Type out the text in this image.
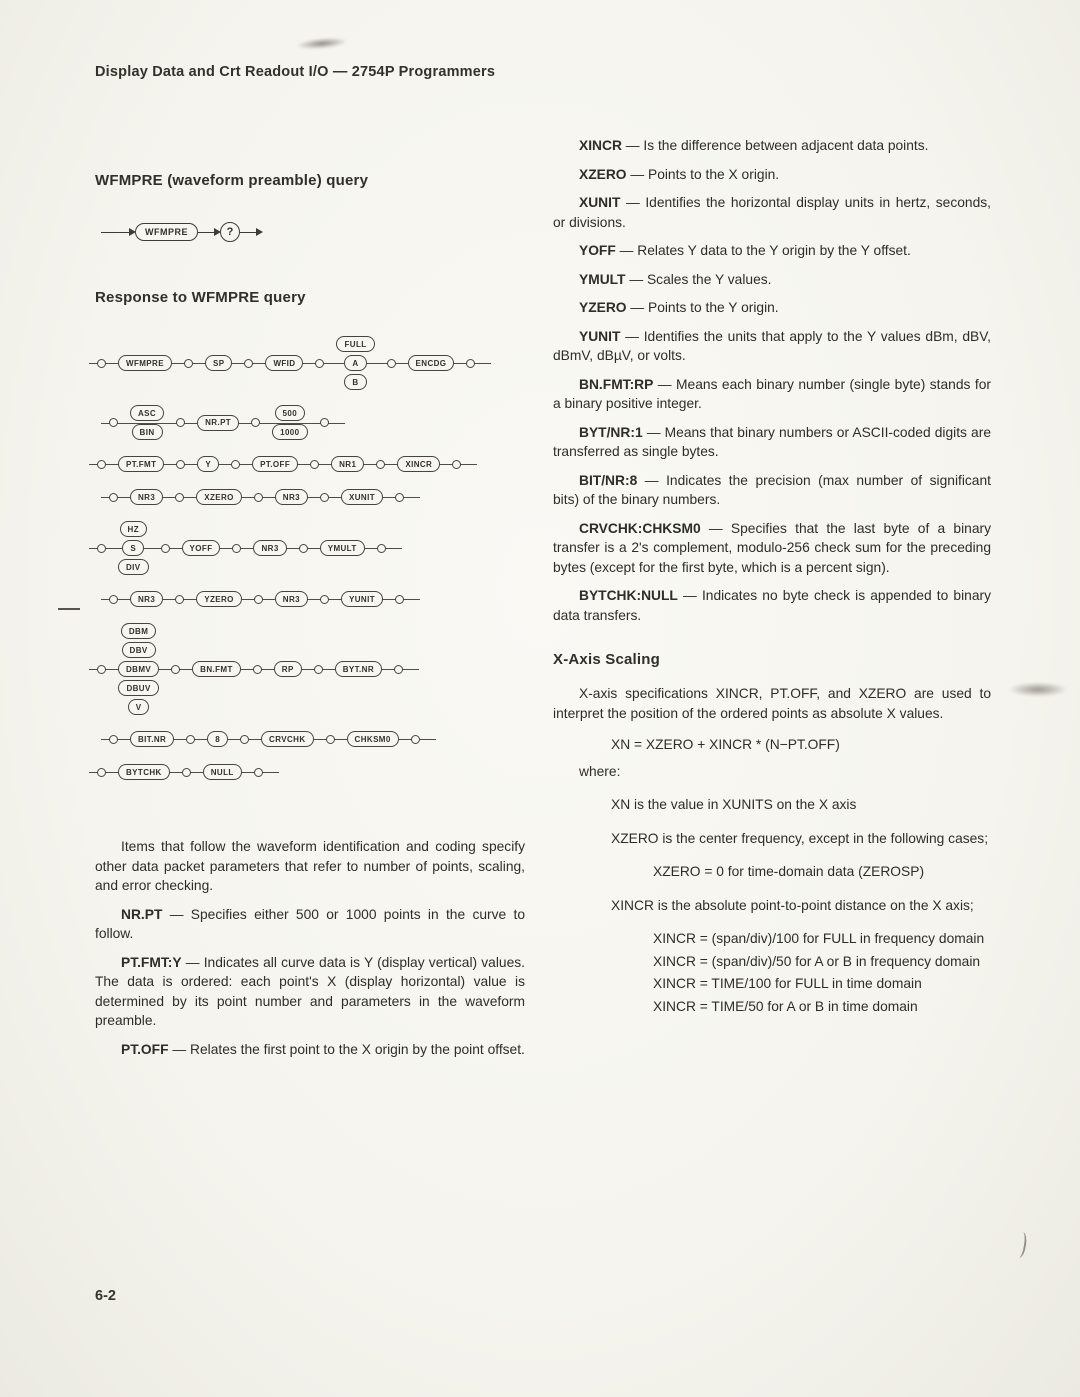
Display Data and Crt Readout I/O — 2754P Programmers
WFMPRE (waveform preamble) query
WFMPRE	?
Response to WFMPRE query
WFMPRE	SP	WFID
FULL
A
B
ENCDG
ASC
BIN
NR.PT
500
1000
PT.FMT	Y	PT.OFF	NR1	XINCR
NR3	XZERO	NR3	XUNIT
HZ
S
DIV
YOFF	NR3	YMULT
NR3	YZERO	NR3	YUNIT
DBM
DBV
DBMV
DBUV
V
BN.FMT	RP	BYT.NR
BIT.NR	8	CRVCHK	CHKSM0
BYTCHK	NULL

Items that follow the waveform identification and coding specify other data packet parameters that refer to number of points, scaling, and error checking.

NR.PT — Specifies either 500 or 1000 points in the curve to follow.

PT.FMT:Y — Indicates all curve data is Y (display vertical) values. The data is ordered: each point's X (display horizontal) value is determined by its point number and parameters in the waveform preamble.

PT.OFF — Relates the first point to the X origin by the point offset.

XINCR — Is the difference between adjacent data points.

XZERO — Points to the X origin.

XUNIT — Identifies the horizontal display units in hertz, seconds, or divisions.

YOFF — Relates Y data to the Y origin by the Y offset.

YMULT — Scales the Y values.

YZERO — Points to the Y origin.

YUNIT — Identifies the units that apply to the Y values dBm, dBV, dBmV, dBµV, or volts.

BN.FMT:RP — Means each binary number (single byte) stands for a binary positive integer.

BYT/NR:1 — Means that binary numbers or ASCII-coded digits are transferred as single bytes.

BIT/NR:8 — Indicates the precision (max number of significant bits) of the binary numbers.

CRVCHK:CHKSM0 — Specifies that the last byte of a binary transfer is a 2's complement, modulo-256 check sum for the preceding bytes (except for the first byte, which is a percent sign).

BYTCHK:NULL — Indicates no byte check is appended to binary data transfers.

X-Axis Scaling

X-axis specifications XINCR, PT.OFF, and XZERO are used to interpret the position of the ordered points as absolute X values.

XN = XZERO + XINCR * (N−PT.OFF)

where:

XN is the value in XUNITS on the X axis

XZERO is the center frequency, except in the following cases;

XZERO = 0 for time-domain data (ZEROSP)

XINCR is the absolute point-to-point distance on the X axis;

XINCR = (span/div)/100 for FULL in frequency domain

XINCR = (span/div)/50 for A or B in frequency domain

XINCR = TIME/100 for FULL in time domain

XINCR = TIME/50 for A or B in time domain

6-2
